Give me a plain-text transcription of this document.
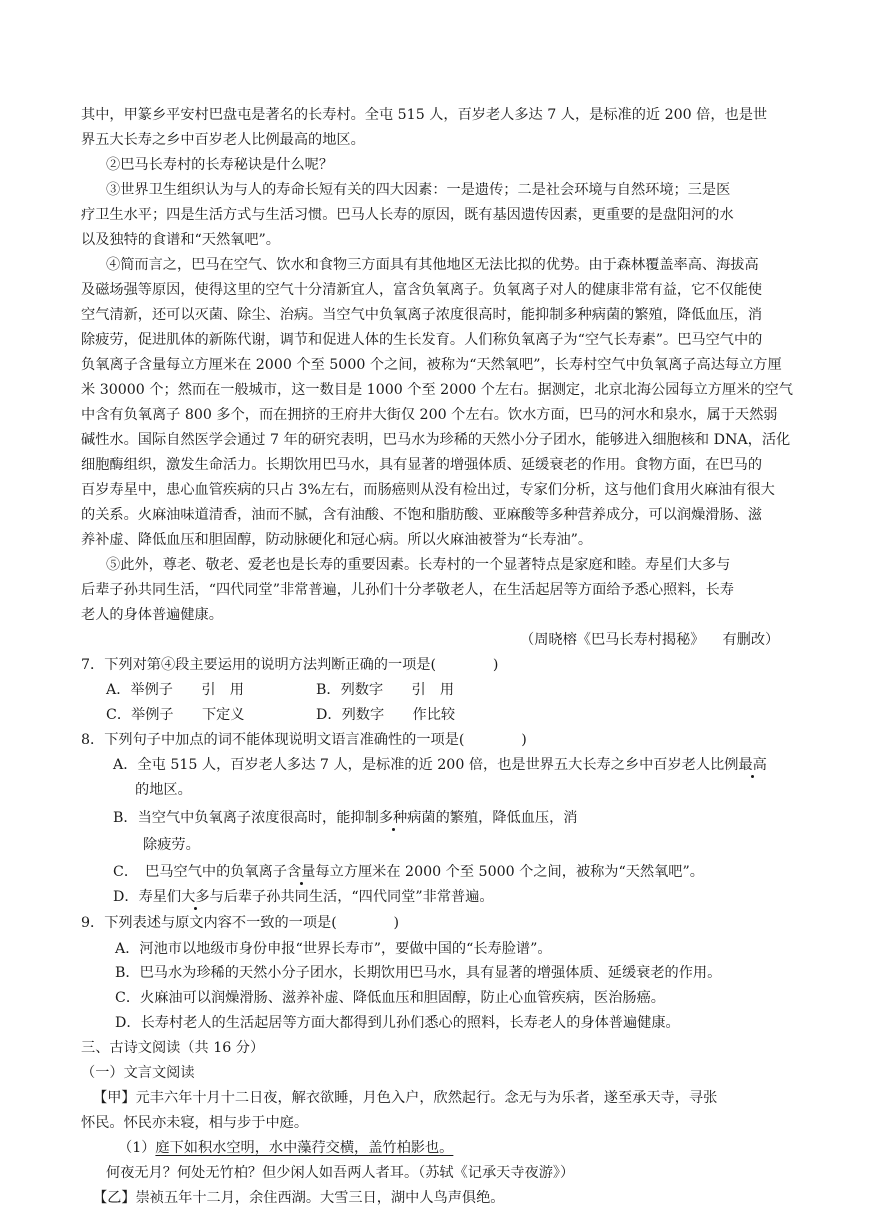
其中，甲篆乡平安村巴盘屯是著名的长寿村。全屯 515 人，百岁老人多达 7 人，是标准的近 200 倍，也是世
界五大长寿之乡中百岁老人比例最高的地区。
②巴马长寿村的长寿秘诀是什么呢？
③世界卫生组织认为与人的寿命长短有关的四大因素：一是遗传；二是社会环境与自然环境；三是医
疗卫生水平；四是生活方式与生活习惯。巴马人长寿的原因，既有基因遗传因素，更重要的是盘阳河的水
以及独特的食谱和“天然氧吧”。
④简而言之，巴马在空气、饮水和食物三方面具有其他地区无法比拟的优势。由于森林覆盖率高、海拔高
及磁场强等原因，使得这里的空气十分清新宜人，富含负氧离子。负氧离子对人的健康非常有益，它不仅能使
空气清新，还可以灭菌、除尘、治病。当空气中负氧离子浓度很高时，能抑制多种病菌的繁殖，降低血压，消
除疲劳，促进肌体的新陈代谢，调节和促进人体的生长发育。人们称负氧离子为“空气长寿素”。巴马空气中的
负氧离子含量每立方厘米在 2000 个至 5000 个之间，被称为“天然氧吧”，长寿村空气中负氧离子高达每立方厘
米 30000 个；然而在一般城市，这一数目是 1000 个至 2000 个左右。据测定，北京北海公园每立方厘米的空气
中含有负氧离子 800 多个，而在拥挤的王府井大街仅 200 个左右。饮水方面，巴马的河水和泉水，属于天然弱
碱性水。国际自然医学会通过 7 年的研究表明，巴马水为珍稀的天然小分子团水，能够进入细胞核和 DNA，活化
细胞酶组织，激发生命活力。长期饮用巴马水，具有显著的增强体质、延缓衰老的作用。食物方面，在巴马的
百岁寿星中，患心血管疾病的只占 3%左右，而肠癌则从没有检出过，专家们分析，这与他们食用火麻油有很大
的关系。火麻油味道清香，油而不腻，含有油酸、不饱和脂肪酸、亚麻酸等多种营养成分，可以润燥滑肠、滋
养补虚、降低血压和胆固醇，防动脉硬化和冠心病。所以火麻油被誉为“长寿油”。
⑤此外，尊老、敬老、爱老也是长寿的重要因素。长寿村的一个显著特点是家庭和睦。寿星们大多与
后辈子孙共同生活，“四代同堂”非常普遍，儿孙们十分孝敬老人，在生活起居等方面给予悉心照料，长寿
老人的身体普遍健康。
（周晓榕《巴马长寿村揭秘》 有删改）
7．下列对第④段主要运用的说明方法判断正确的一项是(　　　　)
A．举例子　　引　用	B．列数字　　引　用
C．举例子　　下定义	D．列数字　　作比较
8．下列句子中加点的词不能体现说明文语言准确性的一项是(　　　　)
A．全屯 515 人，百岁老人多达 7 人，是标准的近 200 倍，也是世界五大长寿之乡中百岁老人比例最高
的地区。
B．当空气中负氧离子浓度很高时，能抑制多种病菌的繁殖，降低血压，消
除疲劳。
C．　巴马空气中的负氧离子含量每立方厘米在 2000 个至 5000 个之间，被称为“天然氧吧”。
D．寿星们大多与后辈子孙共同生活，“四代同堂”非常普遍。
9．下列表述与原文内容不一致的一项是(　　　　)
A．河池市以地级市身份申报“世界长寿市”，要做中国的“长寿脸谱”。
B．巴马水为珍稀的天然小分子团水，长期饮用巴马水，具有显著的增强体质、延缓衰老的作用。
C．火麻油可以润燥滑肠、滋养补虚、降低血压和胆固醇，防止心血管疾病，医治肠癌。
D．长寿村老人的生活起居等方面大都得到儿孙们悉心的照料，长寿老人的身体普遍健康。
三、古诗文阅读（共 16 分）
（一）文言文阅读
【甲】元丰六年十月十二日夜，解衣欲睡，月色入户，欣然起行。念无与为乐者，遂至承天寺，寻张
怀民。怀民亦未寝，相与步于中庭。
（1）庭下如积水空明，水中藻荇交横，盖竹柏影也。
何夜无月？何处无竹柏？但少闲人如吾两人者耳。（苏轼《记承天寺夜游》）
【乙】崇祯五年十二月，余住西湖。大雪三日，湖中人鸟声俱绝。
